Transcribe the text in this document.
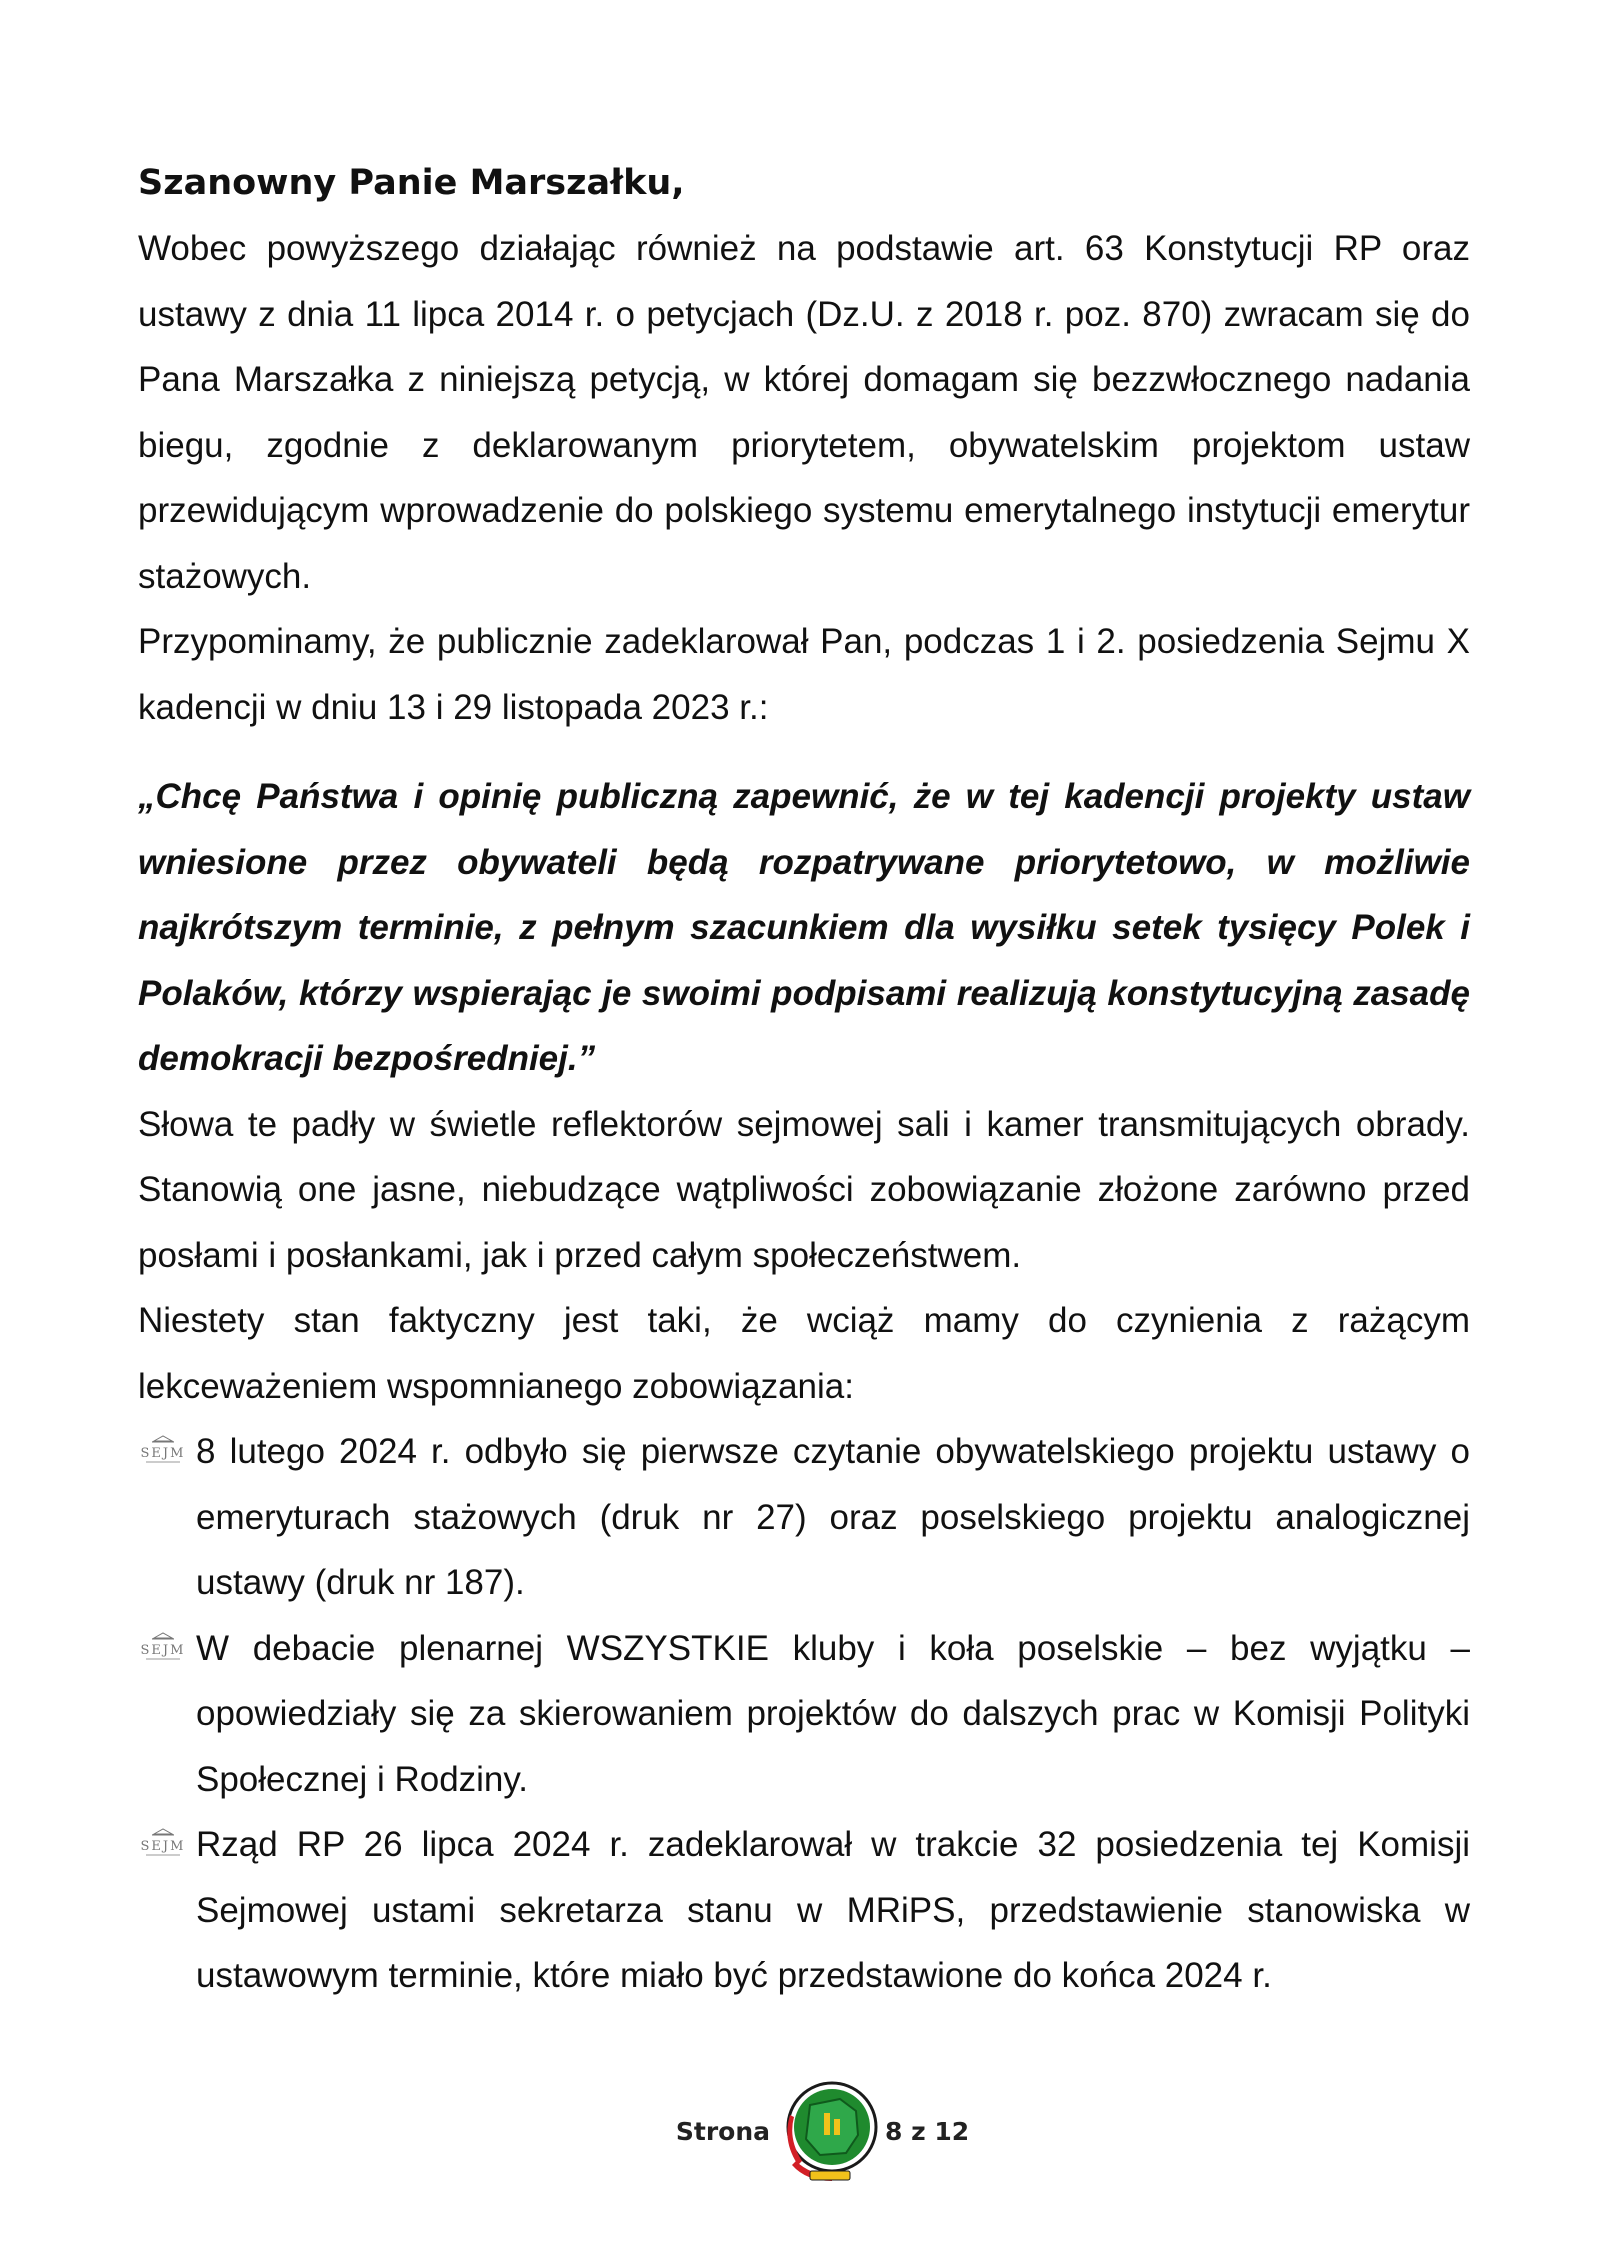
Szanowny Panie Marszałku,

Wobec powyższego działając również na podstawie art. 63 Konstytucji RP oraz ustawy z dnia 11 lipca 2014 r. o petycjach (Dz.U. z 2018 r. poz. 870) zwracam się do Pana Marszałka z niniejszą petycją, w której domagam się bezzwłocznego nadania biegu, zgodnie z deklarowanym priorytetem, obywatelskim projektom ustaw przewidującym wprowadzenie do polskiego systemu emerytalnego instytucji emerytur stażowych.

Przypominamy, że publicznie zadeklarował Pan, podczas 1 i 2. posiedzenia Sejmu X kadencji w dniu 13 i 29 listopada 2023 r.:

„Chcę Państwa i opinię publiczną zapewnić, że w tej kadencji projekty ustaw wniesione przez obywateli będą rozpatrywane priorytetowo, w możliwie najkrótszym terminie, z pełnym szacunkiem dla wysiłku setek tysięcy Polek i Polaków, którzy wspierając je swoimi podpisami realizują konstytucyjną zasadę demokracji bezpośredniej.”

Słowa te padły w świetle reflektorów sejmowej sali i kamer transmitujących obrady. Stanowią one jasne, niebudzące wątpliwości zobowiązanie złożone zarówno przed posłami i posłankami, jak i przed całym społeczeństwem.

Niestety stan faktyczny jest taki, że wciąż mamy do czynienia z rażącym lekceważeniem wspomnianego zobowiązania:

SEJM 8 lutego 2024 r. odbyło się pierwsze czytanie obywatelskiego projektu ustawy o emeryturach stażowych (druk nr 27) oraz poselskiego projektu analogicznej ustawy (druk nr 187).
SEJM W debacie plenarnej WSZYSTKIE kluby i koła poselskie – bez wyjątku – opowiedziały się za skierowaniem projektów do dalszych prac w Komisji Polityki Społecznej i Rodziny.
SEJM Rząd RP 26 lipca 2024 r. zadeklarował w trakcie 32 posiedzenia tej Komisji Sejmowej ustami sekretarza stanu w MRiPS, przedstawienie stanowiska w ustawowym terminie, które miało być przedstawione do końca 2024 r.
Strona	8 z 12
